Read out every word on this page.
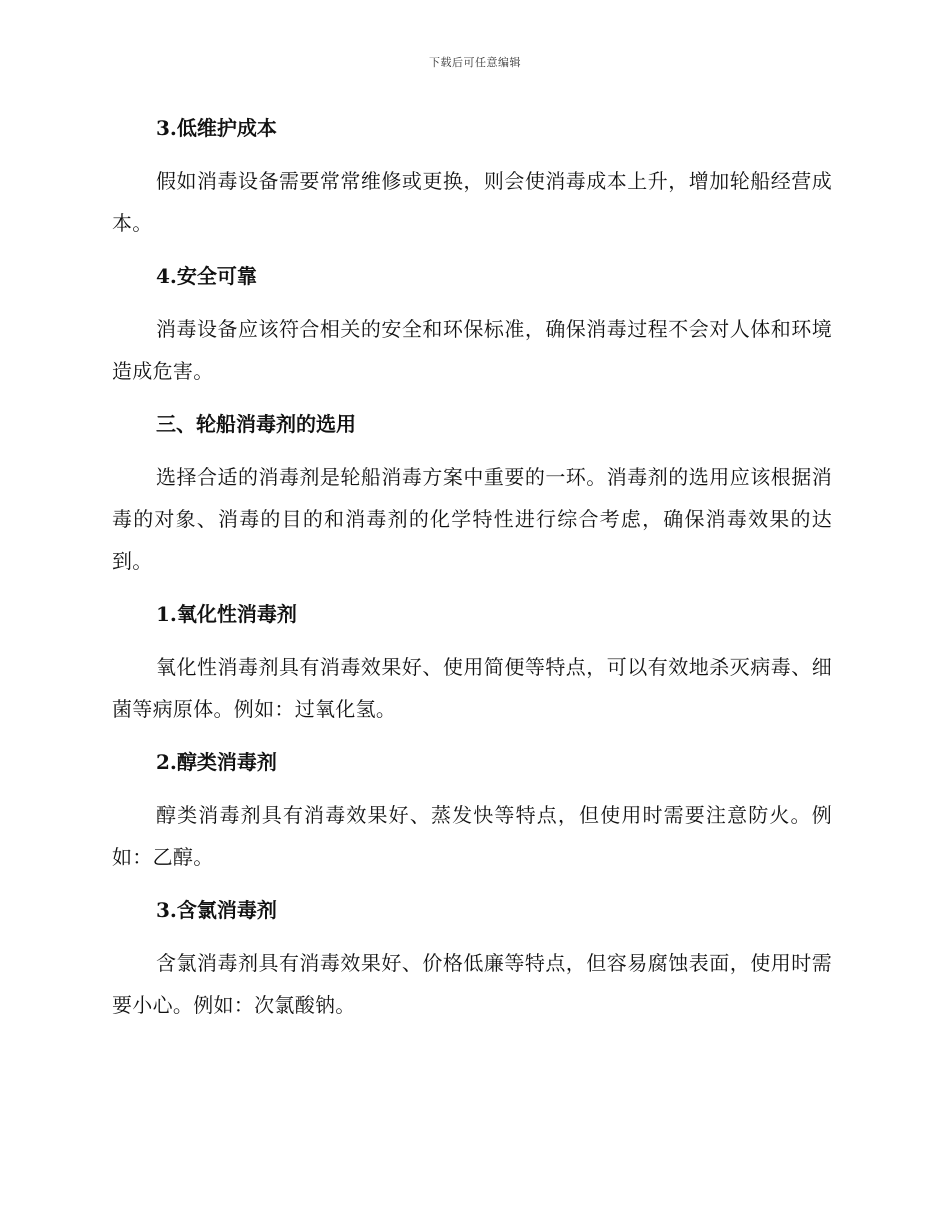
下载后可任意编辑
3.低维护成本

假如消毒设备需要常常维修或更换，则会使消毒成本上升，增加轮船经营成本。

4.安全可靠

消毒设备应该符合相关的安全和环保标准，确保消毒过程不会对人体和环境造成危害。

三、轮船消毒剂的选用

选择合适的消毒剂是轮船消毒方案中重要的一环。消毒剂的选用应该根据消毒的对象、消毒的目的和消毒剂的化学特性进行综合考虑，确保消毒效果的达到。

1.氧化性消毒剂

氧化性消毒剂具有消毒效果好、使用简便等特点，可以有效地杀灭病毒、细菌等病原体。例如：过氧化氢。

2.醇类消毒剂

醇类消毒剂具有消毒效果好、蒸发快等特点，但使用时需要注意防火。例如：乙醇。

3.含氯消毒剂

含氯消毒剂具有消毒效果好、价格低廉等特点，但容易腐蚀表面，使用时需要小心。例如：次氯酸钠。
